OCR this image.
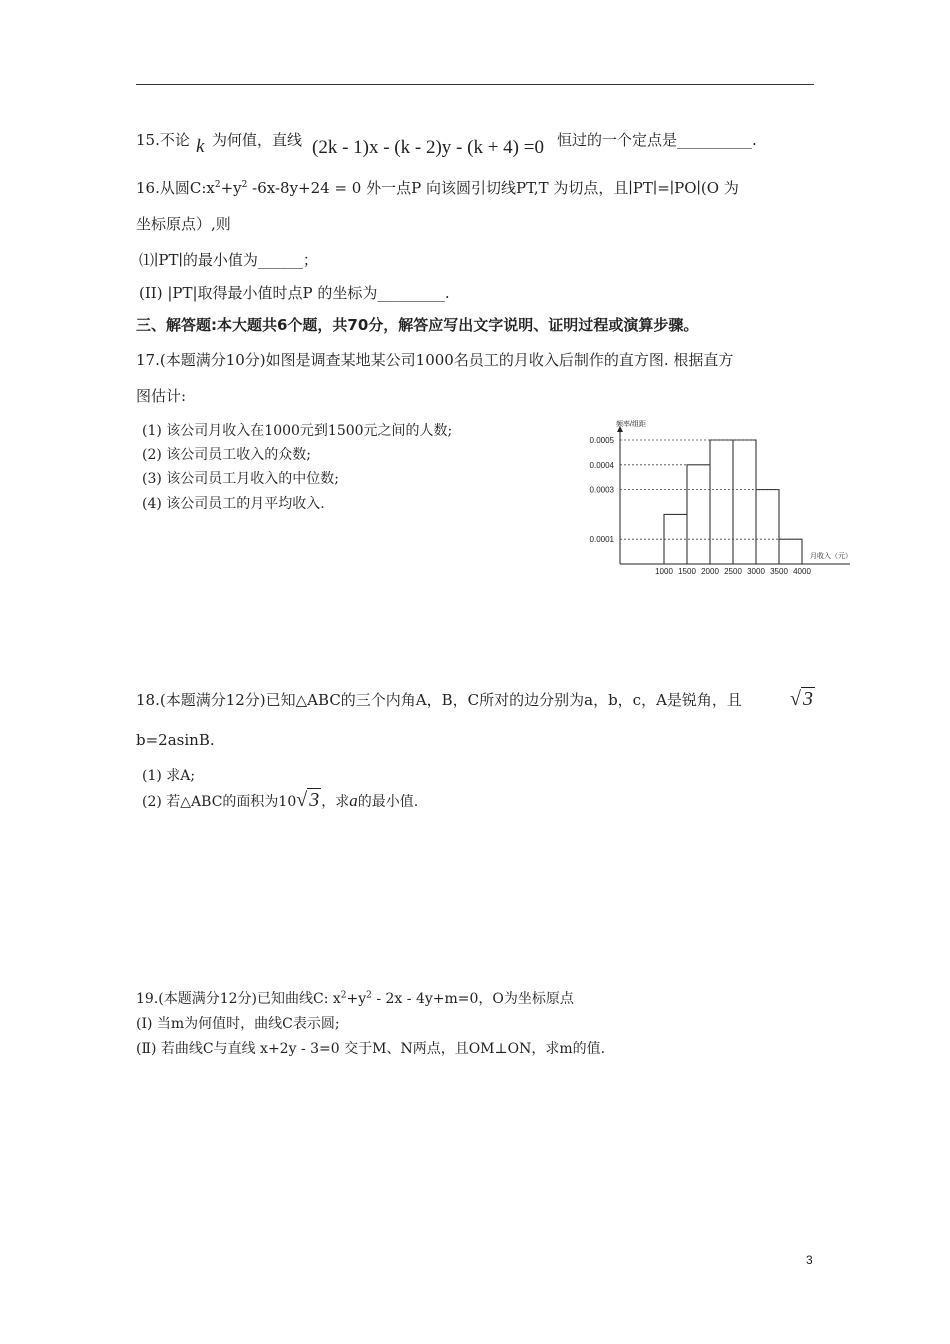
15.不论 k 为何值，直线 (2k - 1)x - (k - 2)y - (k + 4) =0 恒过的一个定点是__________.
16.从圆$C:x^2+y^2$ -6x-8y+24 = 0 外一点P 向该圆引切线PT,T 为切点，且∣PT∣=∣PO∣(O 为
坐标原点）,则
⑴∣PT∣的最小值为______；
(II) |PT|取得最小值时点P 的坐标为_________.
三、解答题:本大题共6个题，共70分，解答应写出文字说明、证明过程或演算步骤。
17.(本题满分10分)如图是调查某地某公司1000名员工的月收入后制作的直方图. 根据直方
图估计:
(1) 该公司月收入在1000元到1500元之间的人数;
(2) 该公司员工收入的众数;
(3) 该公司员工月收入的中位数;
(4) 该公司员工的月平均收入.
频率/组距
月收入（元）
0.0001
0.0003
0.0004
0.0005
1000 1500 2000 2500 3000 3500 4000
18.(本题满分12分)已知△ABC的三个内角A，B，C所对的边分别为a，b，c，A是锐角，且 √ 3
b=2asinB.
(1) 求A;
(2) 若△ABC的面积为10√ 3 ，求a的最小值.
19.(本题满分12分)已知曲线C: $x^2+y^2 - 2x - 4y+m=0$，O为坐标原点
(Ⅰ) 当m为何值时，曲线C表示圆;
(Ⅱ) 若曲线C与直线 x+2y - 3=0 交于M、N两点，且OM⊥ON，求m的值.
3
